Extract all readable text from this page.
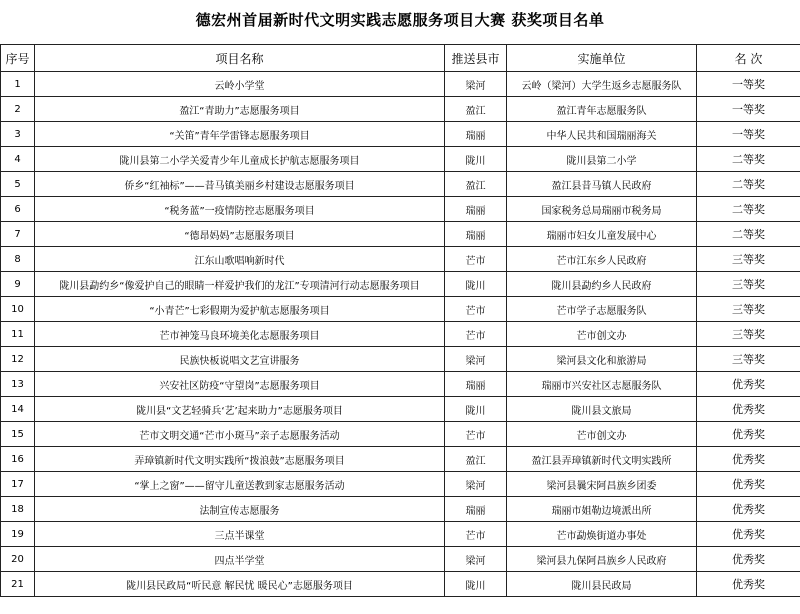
德宏州首届新时代文明实践志愿服务项目大赛 获奖项目名单
序号	项目名称	推送县市	实施单位	名 次
1	云岭小学堂	梁河	云岭（梁河）大学生返乡志愿服务队	一等奖
2	盈江“青助力”志愿服务项目	盈江	盈江青年志愿服务队	一等奖
3	“关笛”青年学雷锋志愿服务项目	瑞丽	中华人民共和国瑞丽海关	一等奖
4	陇川县第二小学关爱青少年儿童成长护航志愿服务项目	陇川	陇川县第二小学	二等奖
5	侨乡“红袖标”——昔马镇美丽乡村建设志愿服务项目	盈江	盈江县昔马镇人民政府	二等奖
6	“税务蓝”一疫情防控志愿服务项目	瑞丽	国家税务总局瑞丽市税务局	二等奖
7	“德昂妈妈”志愿服务项目	瑞丽	瑞丽市妇女儿童发展中心	二等奖
8	江东山歌唱响新时代	芒市	芒市江东乡人民政府	三等奖
9	陇川县勐约乡“像爱护自己的眼睛一样爱护我们的龙江”专项清河行动志愿服务项目	陇川	陇川县勐约乡人民政府	三等奖
10	“小青芒”七彩假期为爱护航志愿服务项目	芒市	芒市学子志愿服务队	三等奖
11	芒市神笼马良环境美化志愿服务项目	芒市	芒市创文办	三等奖
12	民族快板说唱文艺宣讲服务	梁河	梁河县文化和旅游局	三等奖
13	兴安社区防疫“守望岗”志愿服务项目	瑞丽	瑞丽市兴安社区志愿服务队	优秀奖
14	陇川县“文艺轻骑兵‘艺’起来助力”志愿服务项目	陇川	陇川县文旅局	优秀奖
15	芒市文明交通“芒市小斑马”亲子志愿服务活动	芒市	芒市创文办	优秀奖
16	弄璋镇新时代文明实践所“拨浪鼓”志愿服务项目	盈江	盈江县弄璋镇新时代文明实践所	优秀奖
17	“掌上之窗”——留守儿童送教到家志愿服务活动	梁河	梁河县曩宋阿昌族乡团委	优秀奖
18	法制宣传志愿服务	瑞丽	瑞丽市姐勒边境派出所	优秀奖
19	三点半课堂	芒市	芒市勐焕街道办事处	优秀奖
20	四点半学堂	梁河	梁河县九保阿昌族乡人民政府	优秀奖
21	陇川县民政局“听民意 解民忧 暖民心”志愿服务项目	陇川	陇川县民政局	优秀奖
